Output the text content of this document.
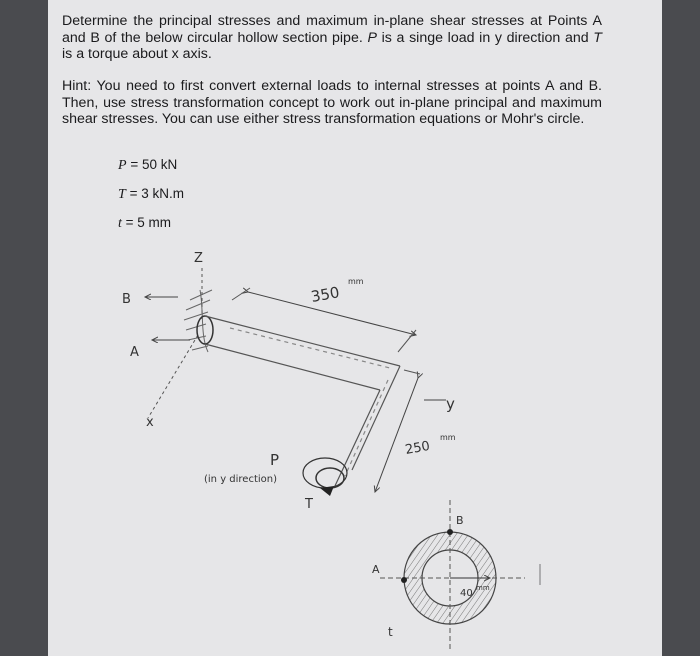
Determine the principal stresses and maximum in-plane shear stresses at Points A and B of the below circular hollow section pipe. P is a singe load in y direction and T is a torque about x axis.
Hint: You need to first convert external loads to internal stresses at points A and B. Then, use stress transformation concept to work out in-plane principal and maximum shear stresses. You can use either stress transformation equations or Mohr's circle.
P = 50 kN
T = 3 kN.m
t = 5 mm
Z
x
B
A
350
mm
250
mm
y
P
(in y direction)
T
B
A
t
40 mm
